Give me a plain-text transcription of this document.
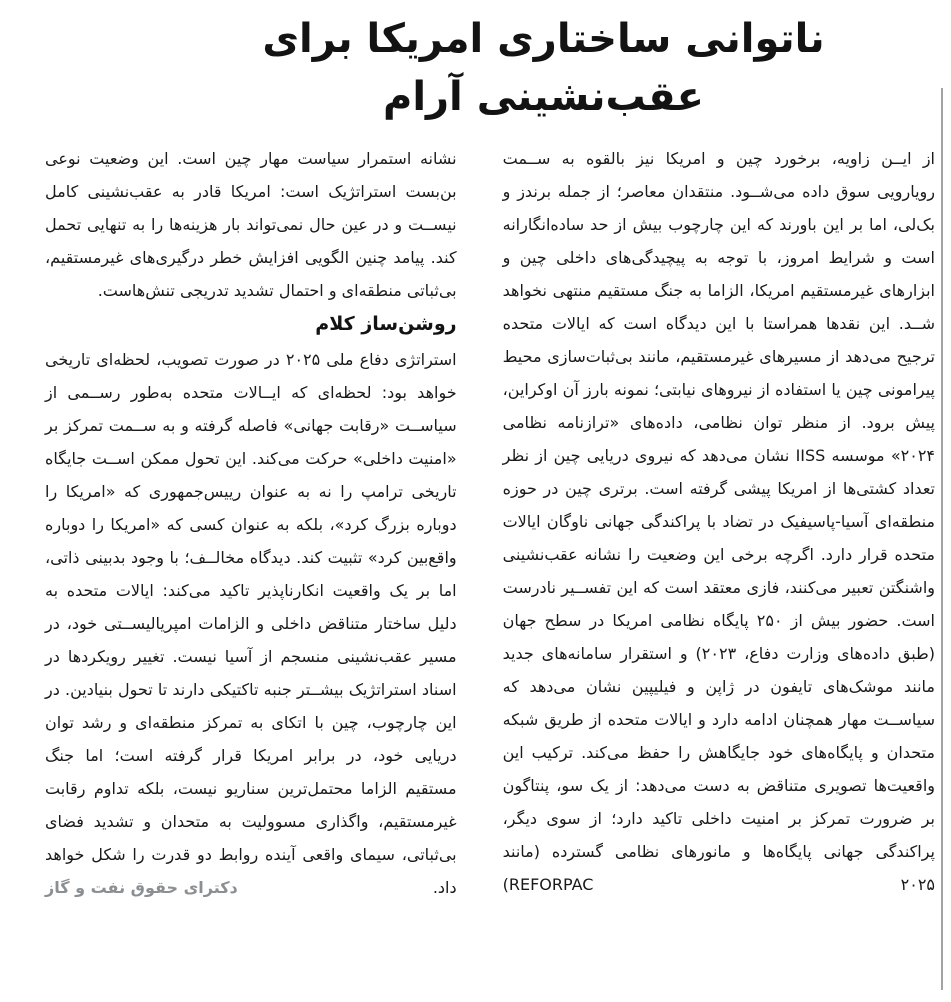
ناتوانی ساختاری امریکا برای عقب‌نشینی آرام

از ایــن زاویه، برخورد چین و امریکا نیز بالقوه به ســمت رویارویی سوق داده می‌شــود. منتقدان معاصر؛ از جمله برندز و بک‌لی، اما بر این باورند که این چارچوب بیش از حد ساده‌انگارانه است و شرایط امروز، با توجه به پیچیدگی‌های داخلی چین و ابزارهای غیرمستقیم امریکا، الزاما به جنگ مستقیم منتهی نخواهد شــد. این نقدها همراستا با این دیدگاه است که ایالات متحده ترجیح می‌دهد از مسیرهای غیرمستقیم، مانند بی‌ثبات‌سازی محیط پیرامونی چین یا استفاده از نیروهای نیابتی؛ نمونه بارز آن اوکراین، پیش برود. از منظر توان نظامی، داده‌های «ترازنامه نظامی ۲۰۲۴» موسسه IISS نشان می‌دهد که نیروی دریایی چین از نظر تعداد کشتی‌ها از امریکا پیشی گرفته است. برتری چین در حوزه منطقه‌ای آسیا-پاسیفیک در تضاد با پراکندگی جهانی ناوگان ایالات متحده قرار دارد. اگرچه برخی این وضعیت را نشانه عقب‌نشینی واشنگتن تعبیر می‌کنند، فازی معتقد است که این تفســیر نادرست است. حضور بیش از ۲۵۰ پایگاه نظامی امریکا در سطح جهان (طبق داده‌های وزارت دفاع، ۲۰۲۳) و استقرار سامانه‌های جدید مانند موشک‌های تایفون در ژاپن و فیلیپین نشان می‌دهد که سیاســت مهار همچنان ادامه دارد و ایالات متحده از طریق شبکه متحدان و پایگاه‌های خود جایگاهش را حفظ می‌کند. ترکیب این واقعیت‌ها تصویری متناقض به دست می‌دهد: از یک سو، پنتاگون بر ضرورت تمرکز بر امنیت داخلی تاکید دارد؛ از سوی دیگر، پراکندگی جهانی پایگاه‌ها و مانورهای نظامی گسترده (مانند REFORPAC ۲۰۲۵)

نشانه استمرار سیاست مهار چین است. این وضعیت نوعی بن‌بست استراتژیک است: امریکا قادر به عقب‌نشینی کامل نیســت و در عین حال نمی‌تواند بار هزینه‌ها را به تنهایی تحمل کند. پیامد چنین الگویی افزایش خطر درگیری‌های غیرمستقیم، بی‌ثباتی منطقه‌ای و احتمال تشدید تدریجی تنش‌هاست.

روشن‌ساز کلام

استراتژی دفاع ملی ۲۰۲۵ در صورت تصویب، لحظه‌ای تاریخی خواهد بود: لحظه‌ای که ایــالات متحده به‌طور رســمی از سیاســت «رقابت جهانی» فاصله گرفته و به ســمت تمرکز بر «امنیت داخلی» حرکت می‌کند. این تحول ممکن اســت جایگاه تاریخی ترامپ را نه به عنوان رییس‌جمهوری که «امریکا را دوباره بزرگ کرد»، بلکه به عنوان کسی که «امریکا را دوباره واقع‌بین کرد» تثبیت کند. دیدگاه مخالــف؛ با وجود بدبینی ذاتی، اما بر یک واقعیت انکارناپذیر تاکید می‌کند: ایالات متحده به دلیل ساختار متناقض داخلی و الزامات امپریالیســتی خود، در مسیر عقب‌نشینی منسجم از آسیا نیست. تغییر رویکردها در اسناد استراتژیک بیشــتر جنبه تاکتیکی دارند تا تحول بنیادین. در این چارچوب، چین با اتکای به تمرکز منطقه‌ای و رشد توان دریایی خود، در برابر امریکا قرار گرفته است؛ اما جنگ مستقیم الزاما محتمل‌ترین سناریو نیست، بلکه تداوم رقابت غیرمستقیم، واگذاری مسوولیت به متحدان و تشدید فضای بی‌ثباتی، سیمای واقعی آینده روابط دو قدرت را شکل خواهد داد.
دکترای حقوق نفت و گاز
